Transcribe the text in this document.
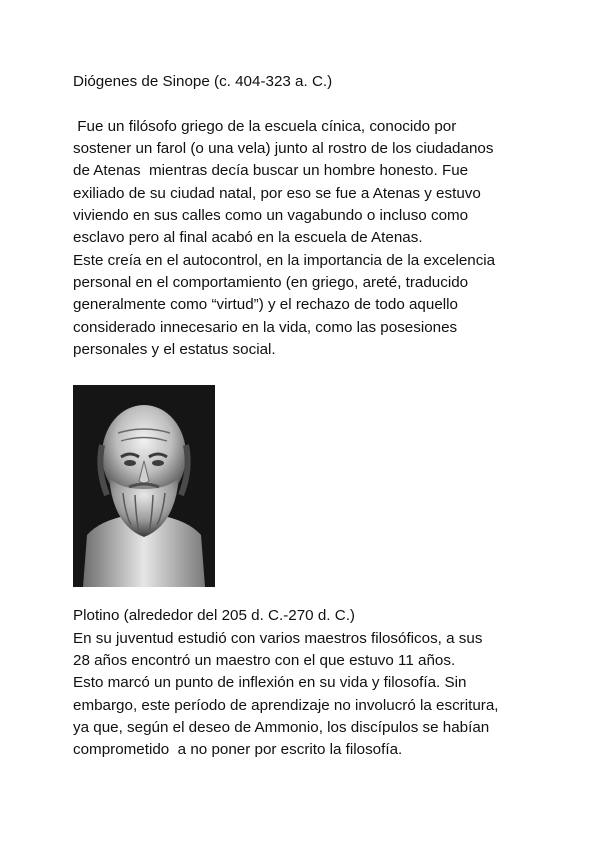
Diógenes de Sinope (c. 404-323 a. C.)
Fue un filósofo griego de la escuela cínica, conocido por
sostener un farol (o una vela) junto al rostro de los ciudadanos
de Atenas  mientras decía buscar un hombre honesto. Fue
exiliado de su ciudad natal, por eso se fue a Atenas y estuvo
viviendo en sus calles como un vagabundo o incluso como
esclavo pero al final acabó en la escuela de Atenas.
Este creía en el autocontrol, en la importancia de la excelencia
personal en el comportamiento (en griego, areté, traducido
generalmente como “virtud”) y el rechazo de todo aquello
considerado innecesario en la vida, como las posesiones
personales y el estatus social.
Plotino (alrededor del 205 d. C.-270 d. C.)
En su juventud estudió con varios maestros filosóficos, a sus
28 años encontró un maestro con el que estuvo 11 años.
Esto marcó un punto de inflexión en su vida y filosofía. Sin
embargo, este período de aprendizaje no involucró la escritura,
ya que, según el deseo de Ammonio, los discípulos se habían
comprometido  a no poner por escrito la filosofía.
